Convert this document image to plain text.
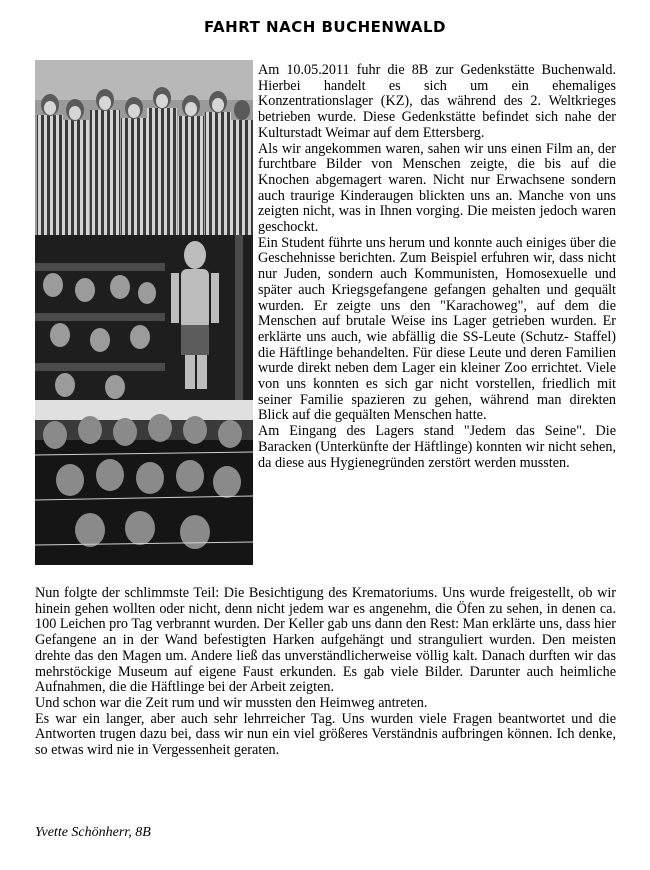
FAHRT NACH BUCHENWALD

Am 10.05.2011 fuhr die 8B zur Gedenkstätte Buchenwald. Hierbei handelt es sich um ein ehemaliges Konzentrationslager (KZ), das während des 2. Weltkrieges betrieben wurde. Diese Gedenkstätte befindet sich nahe der Kulturstadt Weimar auf dem Ettersberg.

Als wir angekommen waren, sahen wir uns einen Film an, der furchtbare Bilder von Menschen zeigte, die bis auf die Knochen abgemagert waren. Nicht nur Erwachsene sondern auch traurige Kinderaugen blickten uns an. Manche von uns zeigten nicht, was in Ihnen vorging. Die meisten jedoch waren geschockt.

Ein Student führte uns herum und konnte auch einiges über die Geschehnisse berichten. Zum Beispiel erfuhren wir, dass nicht nur Juden, sondern auch Kommunisten, Homosexuelle und später auch Kriegsgefangene gefangen gehalten und gequält wurden. Er zeigte uns den "Karachoweg", auf dem die Menschen auf brutale Weise ins Lager getrieben wurden. Er erklärte uns auch, wie abfällig die SS-Leute (Schutz- Staffel) die Häftlinge behandelten. Für diese Leute und deren Familien wurde direkt neben dem Lager ein kleiner Zoo errichtet. Viele von uns konnten es sich gar nicht vorstellen, friedlich mit seiner Familie spazieren zu gehen, während man direkten Blick auf die gequälten Menschen hatte.

Am Eingang des Lagers stand "Jedem das Seine". Die Baracken (Unterkünfte der Häftlinge) konnten wir nicht sehen, da diese aus Hygienegründen zerstört werden mussten.

Nun folgte der schlimmste Teil: Die Besichtigung des Krematoriums. Uns wurde freigestellt, ob wir hinein gehen wollten oder nicht, denn nicht jedem war es angenehm, die Öfen zu sehen, in denen ca. 100 Leichen pro Tag verbrannt wurden. Der Keller gab uns dann den Rest: Man erklärte uns, dass hier Gefangene an in der Wand befestigten Harken aufgehängt und stranguliert wurden. Den meisten drehte das den Magen um. Andere ließ das unverständlicherweise völlig kalt. Danach durften wir das mehrstöckige Museum auf eigene Faust erkunden. Es gab viele Bilder. Darunter auch heimliche Aufnahmen, die die Häftlinge bei der Arbeit zeigten.

Und schon war die Zeit rum und wir mussten den Heimweg antreten.

Es war ein langer, aber auch sehr lehrreicher Tag. Uns wurden viele Fragen beantwortet und die Antworten trugen dazu bei, dass wir nun ein viel größeres Verständnis aufbringen können. Ich denke, so etwas wird nie in Vergessenheit geraten.

Yvette Schönherr, 8B
